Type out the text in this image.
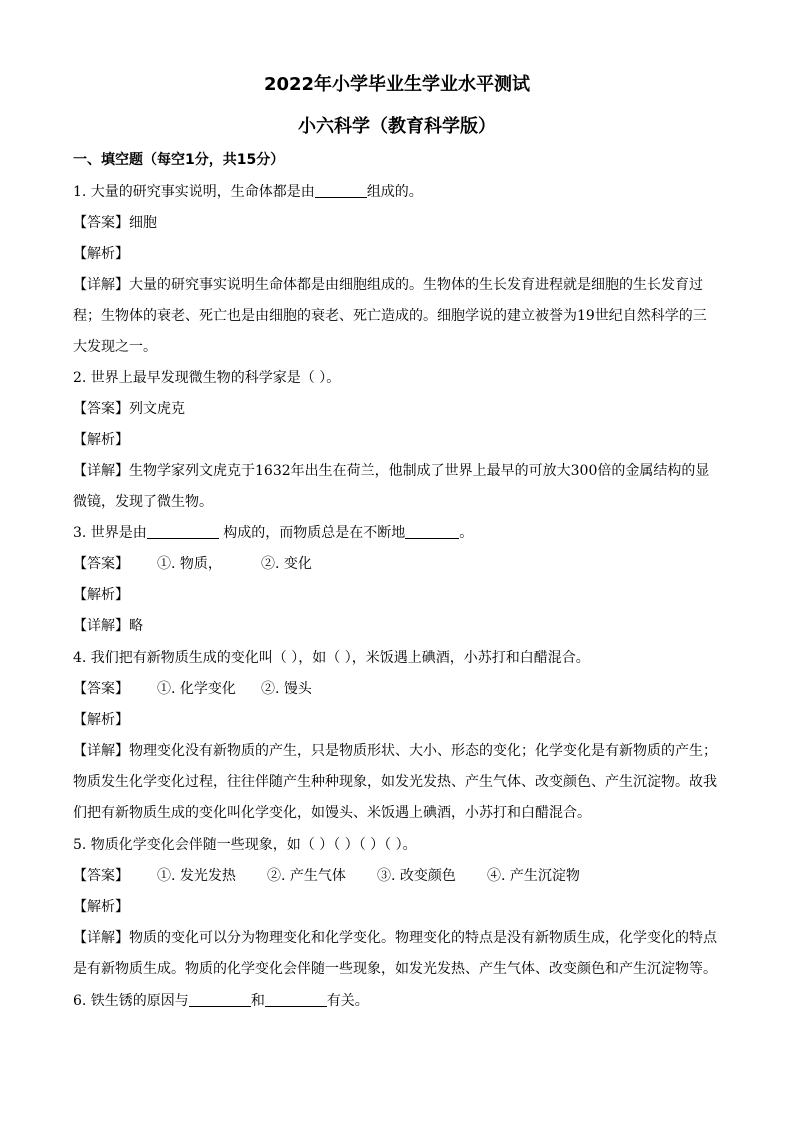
2022年小学毕业生学业水平测试
小六科学（教育科学版）
一、填空题（每空1分，共15分）
1. 大量的研究事实说明，生命体都是由	组成的。
【答案】细胞
【解析】
【详解】大量的研究事实说明生命体都是由细胞组成的。生物体的生长发育进程就是细胞的生长发育过
程；生物体的衰老、死亡也是由细胞的衰老、死亡造成的。细胞学说的建立被誉为19世纪自然科学的三
大发现之一。
2. 世界上最早发现微生物的科学家是（ ）。
【答案】列文虎克
【解析】
【详解】生物学家列文虎克于1632年出生在荷兰，他制成了世界上最早的可放大300倍的金属结构的显
微镜，发现了微生物。
3. 世界是由	构成的，而物质总是在不断地	。
【答案】 ①. 物质，	②. 变化
【解析】
【详解】略
4. 我们把有新物质生成的变化叫（ ），如（ ），米饭遇上碘酒，小苏打和白醋混合。
【答案】 ①. 化学变化 ②. 馒头
【解析】
【详解】物理变化没有新物质的产生，只是物质形状、大小、形态的变化；化学变化是有新物质的产生；
物质发生化学变化过程，往往伴随产生种种现象，如发光发热、产生气体、改变颜色、产生沉淀物。故我
们把有新物质生成的变化叫化学变化，如馒头、米饭遇上碘酒，小苏打和白醋混合。
5. 物质化学变化会伴随一些现象，如（ ）（ ）（ ）（ ）。
【答案】 ①. 发光发热 ②. 产生气体 ③. 改变颜色 ④. 产生沉淀物
【解析】
【详解】物质的变化可以分为物理变化和化学变化。物理变化的特点是没有新物质生成，化学变化的特点
是有新物质生成。物质的化学变化会伴随一些现象，如发光发热、产生气体、改变颜色和产生沉淀物等。
6. 铁生锈的原因与	和	有关。
